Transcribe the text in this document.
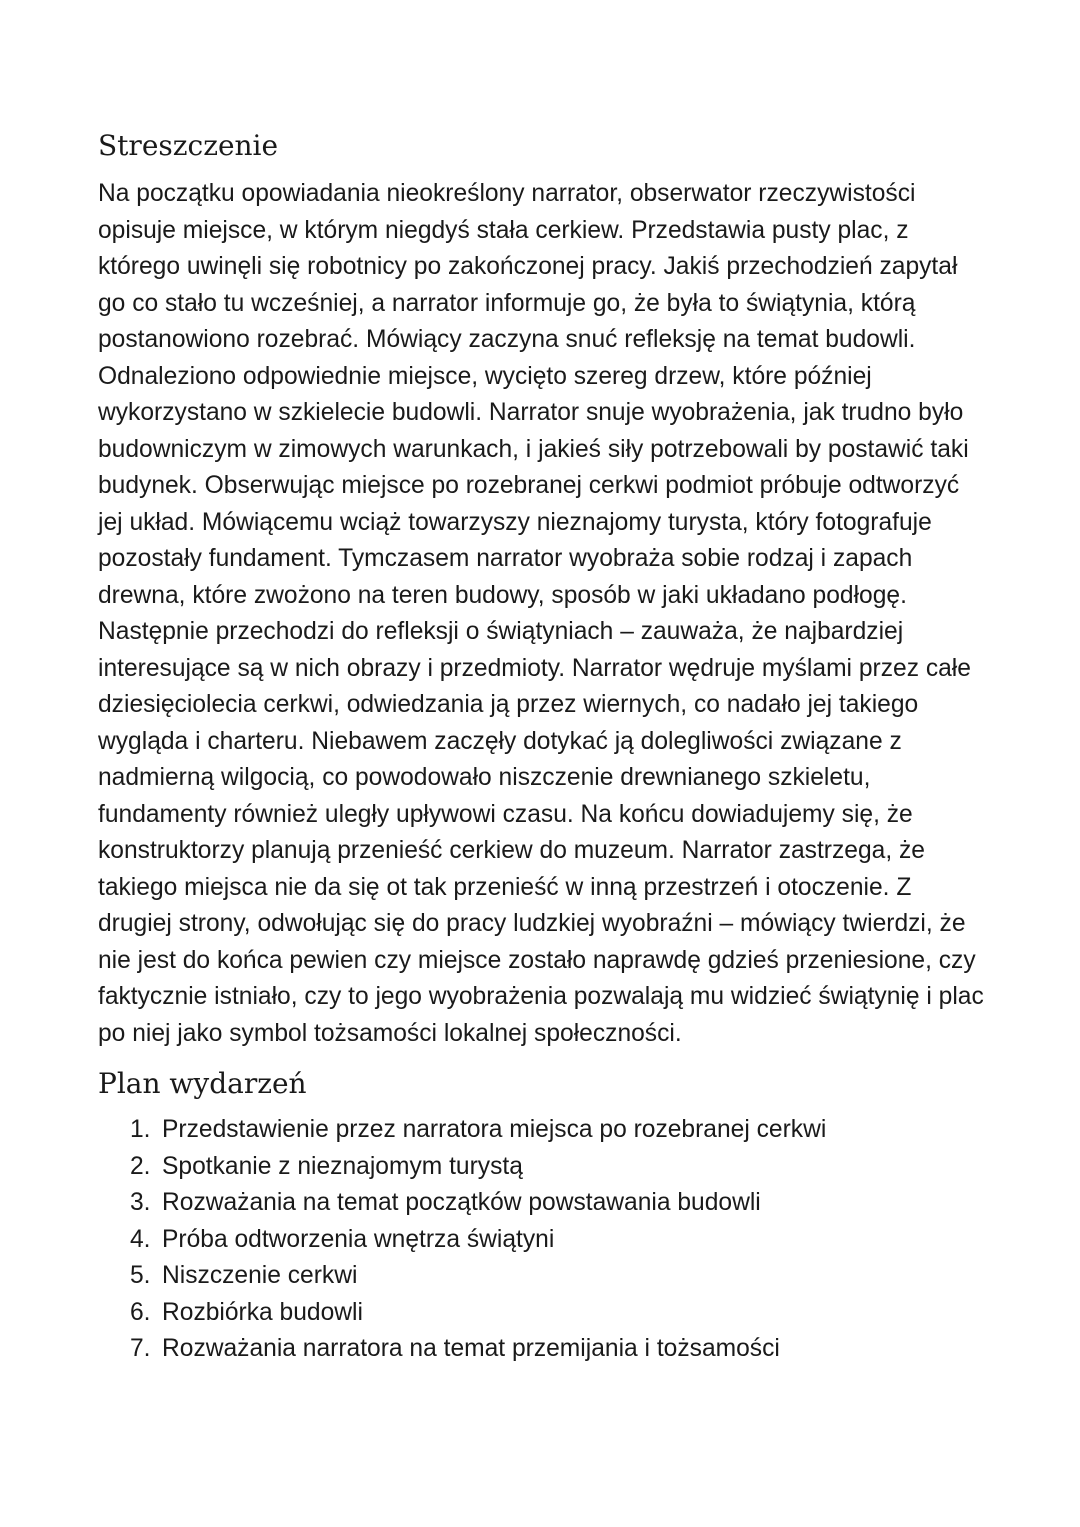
Streszczenie

Na początku opowiadania nieokreślony narrator, obserwator rzeczywistości
opisuje miejsce, w którym niegdyś stała cerkiew. Przedstawia pusty plac, z
którego uwinęli się robotnicy po zakończonej pracy. Jakiś przechodzień zapytał
go co stało tu wcześniej, a narrator informuje go, że była to świątynia, którą
postanowiono rozebrać. Mówiący zaczyna snuć refleksję na temat budowli.
Odnaleziono odpowiednie miejsce, wycięto szereg drzew, które później
wykorzystano w szkielecie budowli. Narrator snuje wyobrażenia, jak trudno było
budowniczym w zimowych warunkach, i jakieś siły potrzebowali by postawić taki
budynek. Obserwując miejsce po rozebranej cerkwi podmiot próbuje odtworzyć
jej układ. Mówiącemu wciąż towarzyszy nieznajomy turysta, który fotografuje
pozostały fundament. Tymczasem narrator wyobraża sobie rodzaj i zapach
drewna, które zwożono na teren budowy, sposób w jaki układano podłogę.
Następnie przechodzi do refleksji o świątyniach – zauważa, że najbardziej
interesujące są w nich obrazy i przedmioty. Narrator wędruje myślami przez całe
dziesięciolecia cerkwi, odwiedzania ją przez wiernych, co nadało jej takiego
wygląda i charteru. Niebawem zaczęły dotykać ją dolegliwości związane z
nadmierną wilgocią, co powodowało niszczenie drewnianego szkieletu,
fundamenty również uległy upływowi czasu. Na końcu dowiadujemy się, że
konstruktorzy planują przenieść cerkiew do muzeum. Narrator zastrzega, że
takiego miejsca nie da się ot tak przenieść w inną przestrzeń i otoczenie. Z
drugiej strony, odwołując się do pracy ludzkiej wyobraźni – mówiący twierdzi, że
nie jest do końca pewien czy miejsce zostało naprawdę gdzieś przeniesione, czy
faktycznie istniało, czy to jego wyobrażenia pozwalają mu widzieć świątynię i plac
po niej jako symbol tożsamości lokalnej społeczności.

Plan wydarzeń
1. Przedstawienie przez narratora miejsca po rozebranej cerkwi
2. Spotkanie z nieznajomym turystą
3. Rozważania na temat początków powstawania budowli
4. Próba odtworzenia wnętrza świątyni
5. Niszczenie cerkwi
6. Rozbiórka budowli
7. Rozważania narratora na temat przemijania i tożsamości
